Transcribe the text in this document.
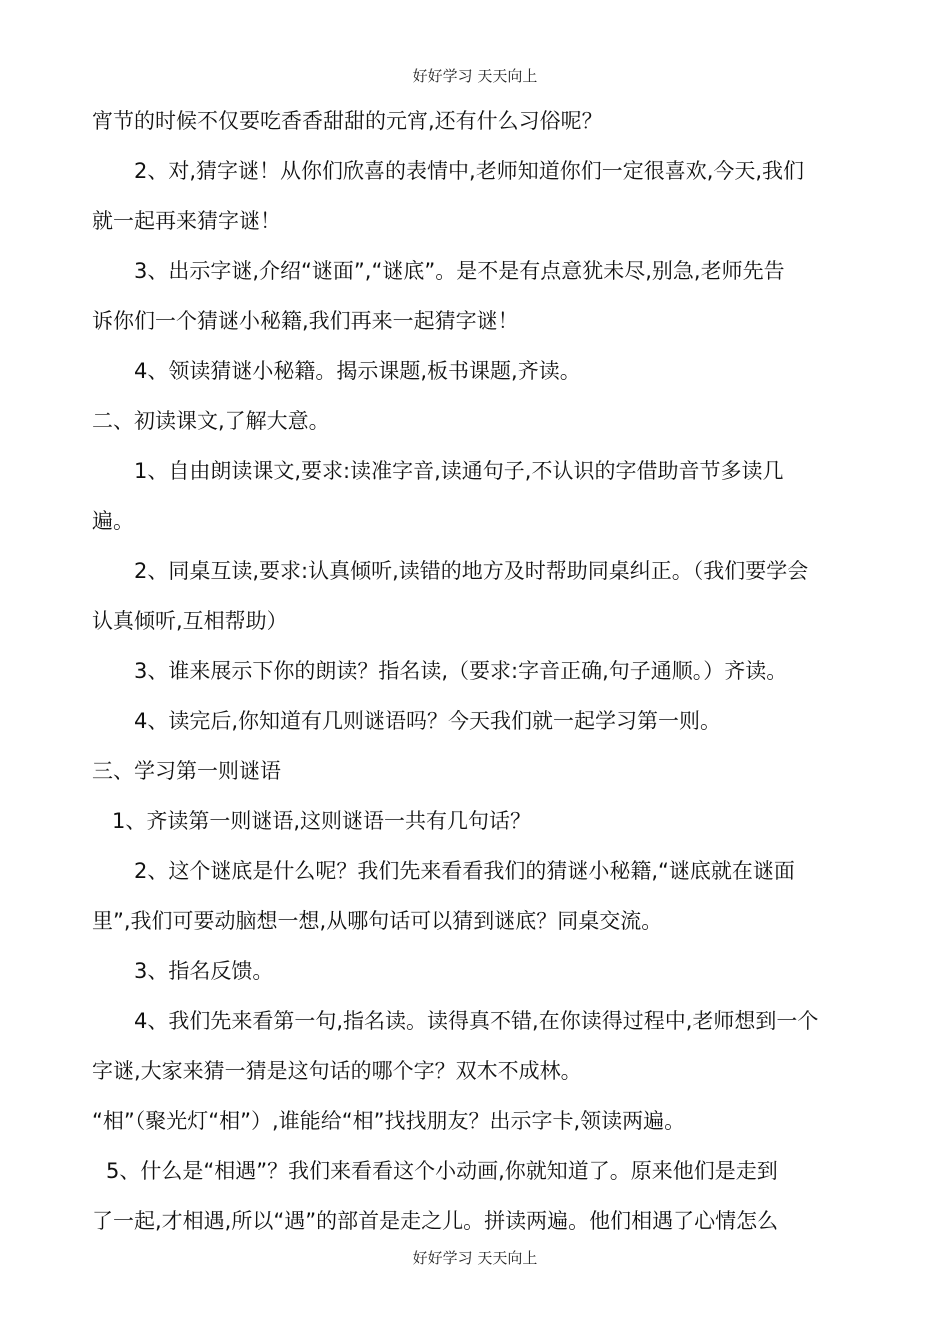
好好学习 天天向上
宵节的时候不仅要吃香香甜甜的元宵,还有什么习俗呢？
2、对,猜字谜！从你们欣喜的表情中,老师知道你们一定很喜欢,今天,我们
就一起再来猜字谜！
3、出示字谜,介绍“谜面”,“谜底”。是不是有点意犹未尽,别急,老师先告
诉你们一个猜谜小秘籍,我们再来一起猜字谜！
4、领读猜谜小秘籍。揭示课题,板书课题,齐读。
二、初读课文,了解大意。
1、自由朗读课文,要求:读准字音,读通句子,不认识的字借助音节多读几
遍。
2、同桌互读,要求:认真倾听,读错的地方及时帮助同桌纠正。（我们要学会
认真倾听,互相帮助）
3、谁来展示下你的朗读？指名读,（要求:字音正确,句子通顺。）齐读。
4、读完后,你知道有几则谜语吗？今天我们就一起学习第一则。
三、学习第一则谜语
1、齐读第一则谜语,这则谜语一共有几句话？
2、这个谜底是什么呢？我们先来看看我们的猜谜小秘籍,“谜底就在谜面
里”,我们可要动脑想一想,从哪句话可以猜到谜底？同桌交流。
3、指名反馈。
4、我们先来看第一句,指名读。读得真不错,在你读得过程中,老师想到一个
字谜,大家来猜一猜是这句话的哪个字？双木不成林。
“相”（聚光灯“相”）,谁能给“相”找找朋友？出示字卡,领读两遍。
5、什么是“相遇”？我们来看看这个小动画,你就知道了。原来他们是走到
了一起,才相遇,所以“遇”的部首是走之儿。拼读两遍。他们相遇了心情怎么
好好学习 天天向上
